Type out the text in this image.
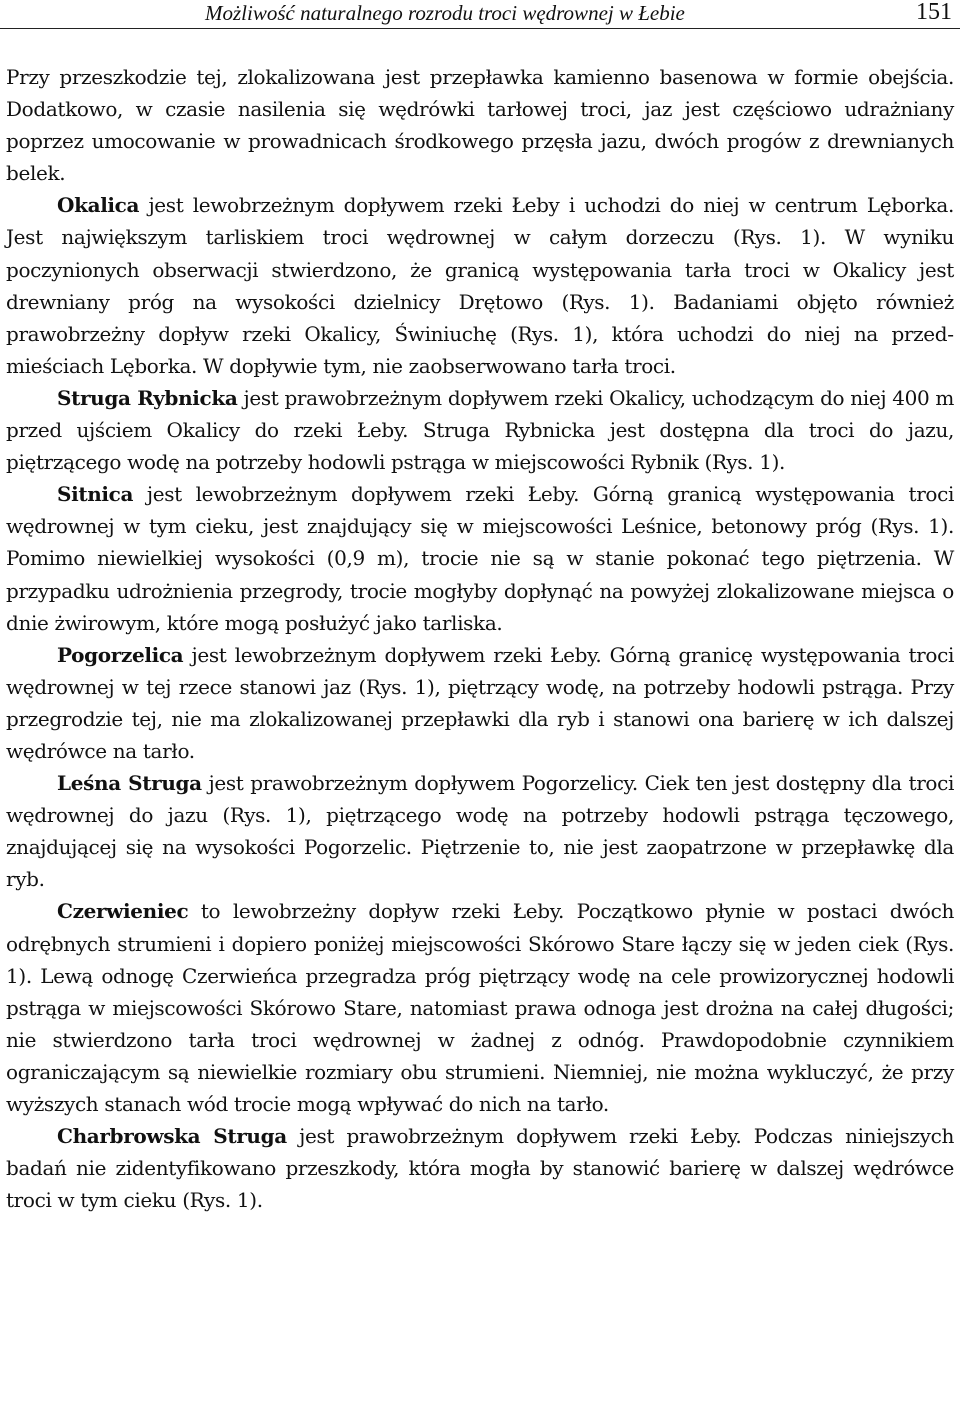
Możliwość naturalnego rozrodu troci wędrownej w Łebie	151

Przy przeszkodzie tej, zlokalizowana jest przepławka kamienno basenowa w formie obejścia. Dodatkowo, w czasie nasilenia się wędrówki tarłowej troci, jaz jest częściowo udrażniany poprzez umocowanie w prowadnicach środkowego przęsła jazu, dwóch progów z drewnianych belek.

Okalica jest lewobrzeżnym dopływem rzeki Łeby i uchodzi do niej w centrum Lęborka. Jest największym tarliskiem troci wędrownej w całym dorzeczu (Rys. 1). W wyniku poczynionych obserwacji stwierdzono, że granicą występowania tarła troci w Okalicy jest drewniany próg na wysokości dzielnicy Drętowo (Rys. 1). Badaniami objęto również prawobrzeżny dopływ rzeki Okalicy, Świniuchę (Rys. 1), która uchodzi do niej na przedmieściach Lęborka. W dopływie tym, nie zaobserwowano tarła troci.

Struga Rybnicka jest prawobrzeżnym dopływem rzeki Okalicy, uchodzącym do niej 400 m przed ujściem Okalicy do rzeki Łeby. Struga Rybnicka jest dostępna dla troci do jazu, piętrzącego wodę na potrzeby hodowli pstrąga w miejscowości Rybnik (Rys. 1).

Sitnica jest lewobrzeżnym dopływem rzeki Łeby. Górną granicą występowania troci wędrownej w tym cieku, jest znajdujący się w miejscowości Leśnice, betonowy próg (Rys. 1). Pomimo niewielkiej wysokości (0,9 m), trocie nie są w stanie pokonać tego piętrzenia. W przypadku udrożnienia przegrody, trocie mogłyby dopłynąć na powyżej zlokalizowane miejsca o dnie żwirowym, które mogą posłużyć jako tarliska.

Pogorzelica jest lewobrzeżnym dopływem rzeki Łeby. Górną granicę występowania troci wędrownej w tej rzece stanowi jaz (Rys. 1), piętrzący wodę, na potrzeby hodowli pstrąga. Przy przegrodzie tej, nie ma zlokalizowanej przepławki dla ryb i stanowi ona barierę w ich dalszej wędrówce na tarło.

Leśna Struga jest prawobrzeżnym dopływem Pogorzelicy. Ciek ten jest dostępny dla troci wędrownej do jazu (Rys. 1), piętrzącego wodę na potrzeby hodowli pstrąga tęczowego, znajdującej się na wysokości Pogorzelic. Piętrzenie to, nie jest zaopatrzone w przepławkę dla ryb.

Czerwieniec to lewobrzeżny dopływ rzeki Łeby. Początkowo płynie w postaci dwóch odrębnych strumieni i dopiero poniżej miejscowości Skórowo Stare łączy się w jeden ciek (Rys. 1). Lewą odnogę Czerwieńca przegradza próg piętrzący wodę na cele prowizorycznej hodowli pstrąga w miejscowości Skórowo Stare, natomiast prawa odnoga jest drożna na całej długości; nie stwierdzono tarła troci wędrownej w żadnej z odnóg. Prawdopodobnie czynnikiem ograniczającym są niewielkie rozmiary obu strumieni. Niemniej, nie można wykluczyć, że przy wyższych stanach wód trocie mogą wpływać do nich na tarło.

Charbrowska Struga jest prawobrzeżnym dopływem rzeki Łeby. Podczas niniejszych badań nie zidentyfikowano przeszkody, która mogła by stanowić barierę w dalszej wędrówce troci w tym cieku (Rys. 1).
